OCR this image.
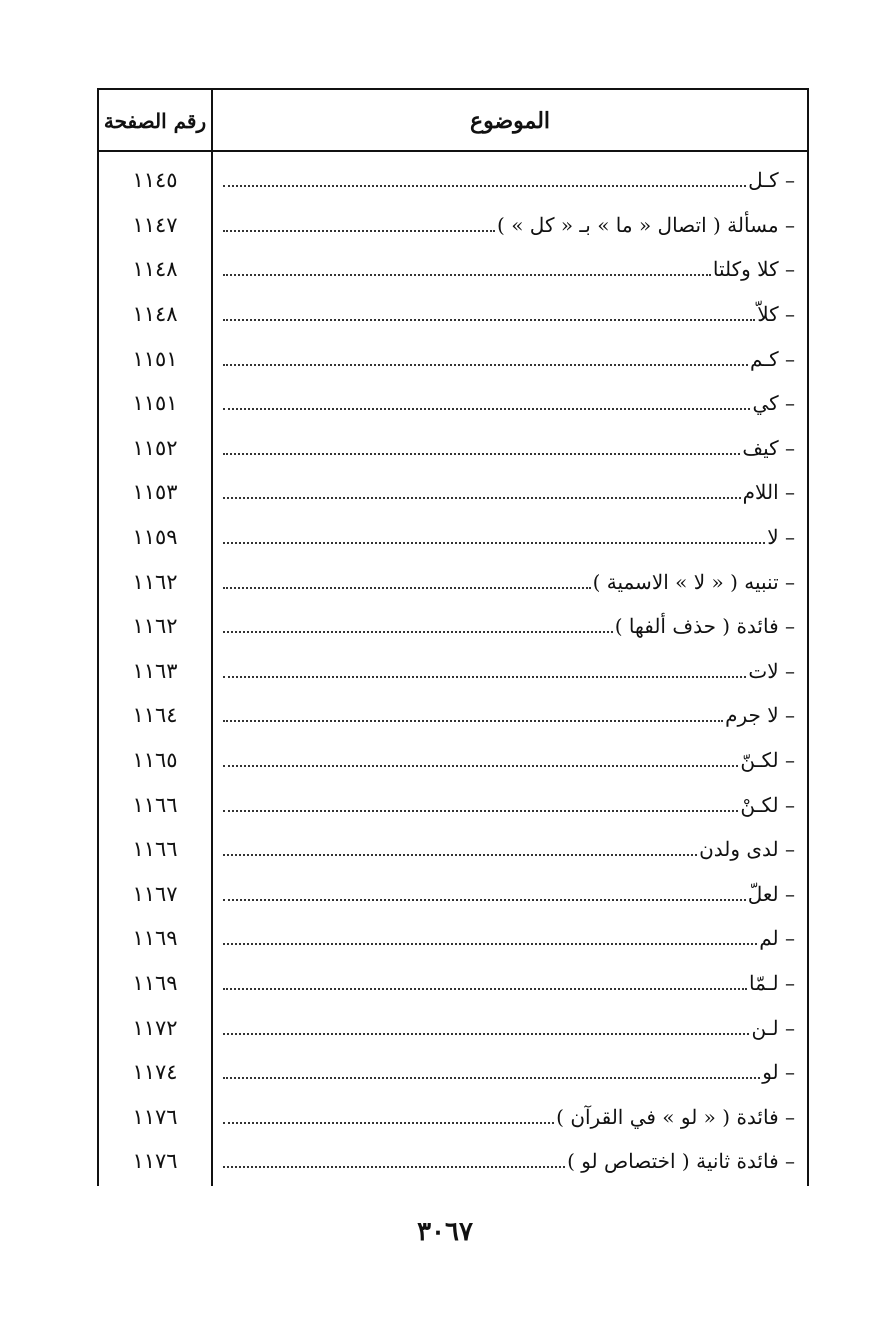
رقم الصفحة	الموضوع
١١٤٥	– كـل
١١٤٧	– مسألة ( اتصال « ما » بـ « كل » )
١١٤٨	– كلا وكلتا
١١٤٨	– كلاّ
١١٥١	– كـم
١١٥١	– كي
١١٥٢	– كيف
١١٥٣	– اللام
١١٥٩	– لا
١١٦٢	– تنبيه ( « لا » الاسمية )
١١٦٢	– فائدة ( حذف ألفها )
١١٦٣	– لات
١١٦٤	– لا جرم
١١٦٥	– لكـنّ
١١٦٦	– لكـنْ
١١٦٦	– لدى ولدن
١١٦٧	– لعلّ
١١٦٩	– لم
١١٦٩	– لـمّا
١١٧٢	– لـن
١١٧٤	– لو
١١٧٦	– فائدة ( « لو » في القرآن )
١١٧٦	– فائدة ثانية ( اختصاص لو )
٣٠٦٧
